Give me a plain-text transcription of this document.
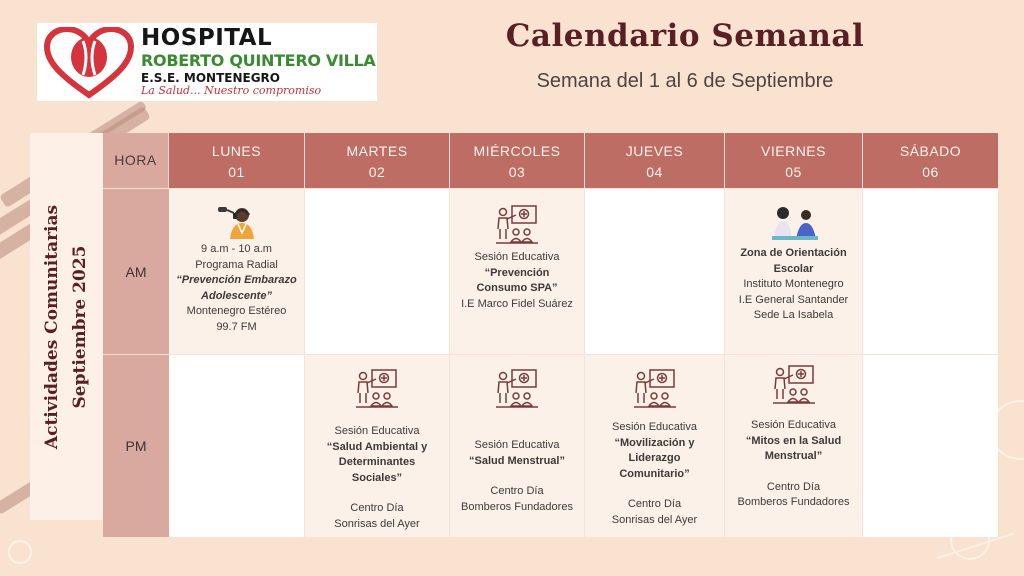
HOSPITAL
ROBERTO QUINTERO VILLA
E.S.E. MONTENEGRO
La Salud... Nuestro compromiso
Calendario Semanal
Semana del 1 al 6 de Septiembre
Actividades Comunitarias Septiembre 2025
HORA
LUNES
01
MARTES
02
MIÉRCOLES
03
JUEVES
04
VIERNES
05
SÁBADO
06
AM
9 a.m - 10 a.m
Programa Radial
“Prevención Embarazo Adolescente”
Montenegro Estéreo
99.7 FM
Sesión Educativa
“Prevención Consumo SPA”
I.E Marco Fidel Suárez
Zona de Orientación Escolar
Instituto Montenegro
I.E General Santander
Sede La Isabela
PM
Sesión Educativa
“Salud Ambiental y Determinantes Sociales”
Centro Día
Sonrisas del Ayer
Sesión Educativa
“Salud Menstrual”
Centro Día
Bomberos Fundadores
Sesión Educativa
“Movilización y Liderazgo Comunitario”
Centro Día
Sonrisas del Ayer
Sesión Educativa
“Mitos en la Salud Menstrual”
Centro Día
Bomberos Fundadores
